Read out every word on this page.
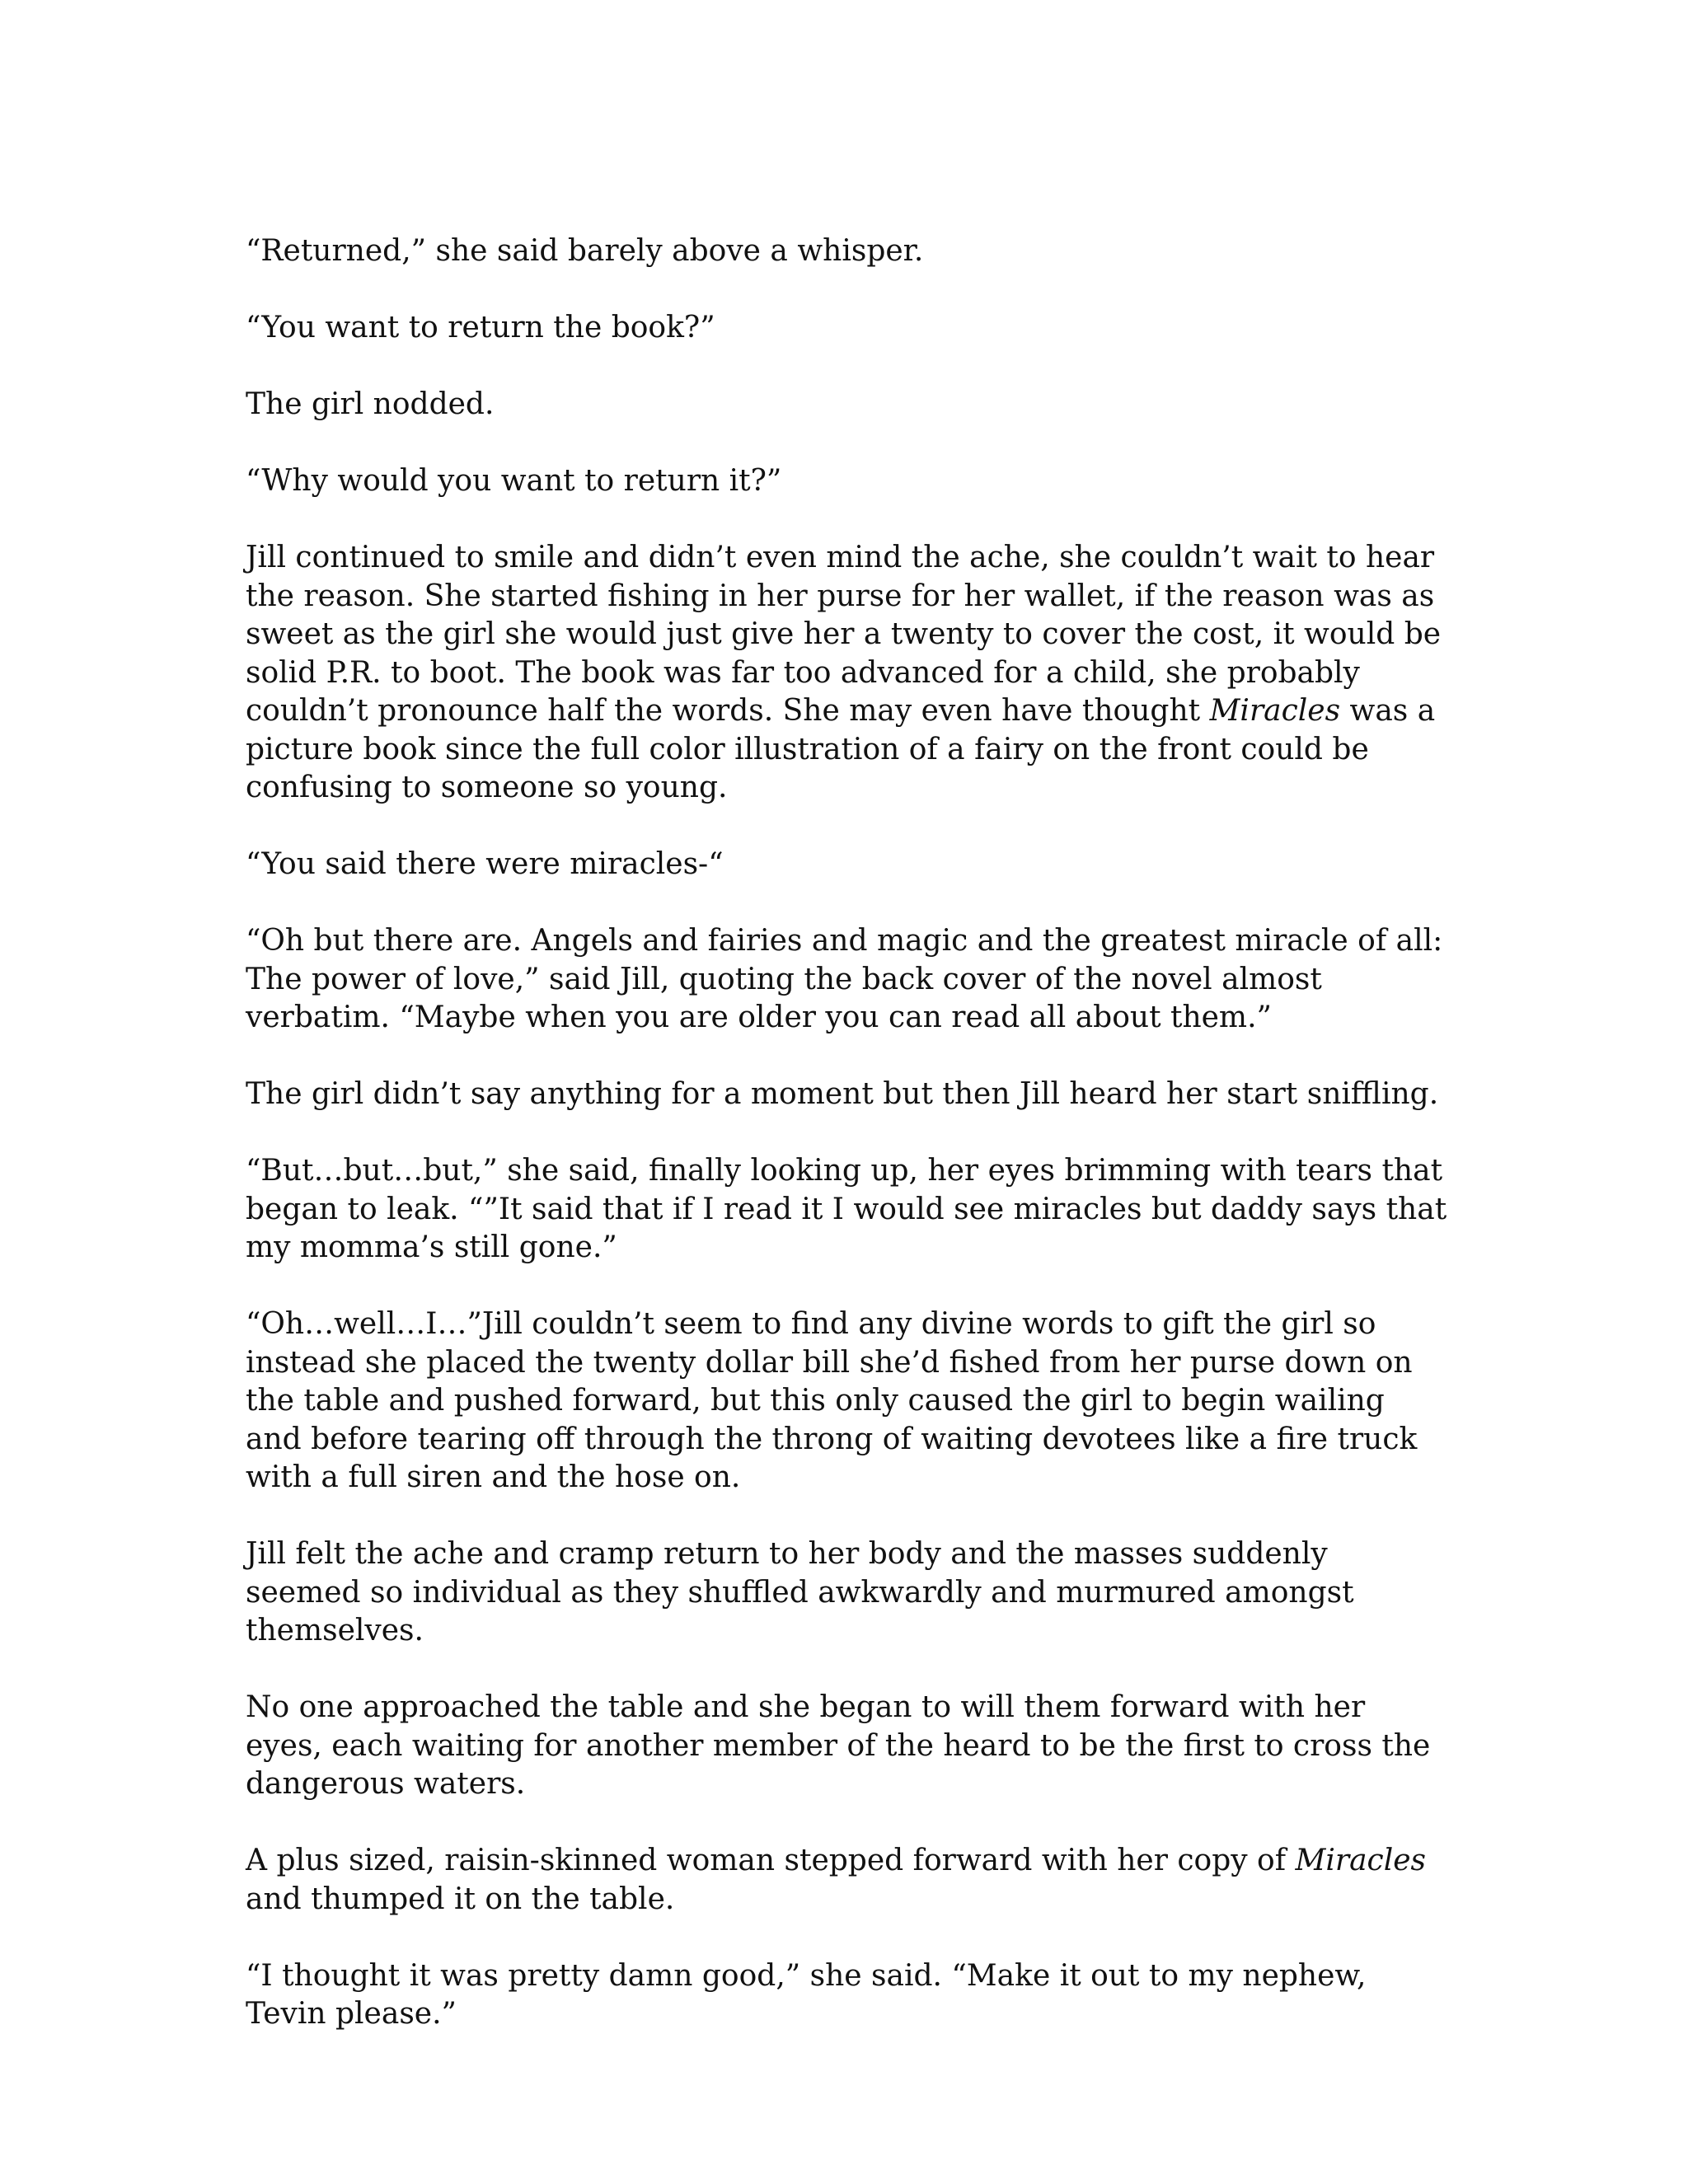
“Returned,” she said barely above a whisper.

“You want to return the book?”

The girl nodded.

“Why would you want to return it?”

Jill continued to smile and didn’t even mind the ache, she couldn’t wait to hear the reason. She started fishing in her purse for her wallet, if the reason was as sweet as the girl she would just give her a twenty to cover the cost, it would be solid P.R. to boot. The book was far too advanced for a child, she probably couldn’t pronounce half the words. She may even have thought Miracles was a picture book since the full color illustration of a fairy on the front could be confusing to someone so young.

“You said there were miracles-“

“Oh but there are. Angels and fairies and magic and the greatest miracle of all: The power of love,” said Jill, quoting the back cover of the novel almost verbatim. “Maybe when you are older you can read all about them.”

The girl didn’t say anything for a moment but then Jill heard her start sniffling.

“But…but…but,” she said, finally looking up, her eyes brimming with tears that began to leak. “”It said that if I read it I would see miracles but daddy says that my momma’s still gone.”

“Oh…well…I…”Jill couldn’t seem to find any divine words to gift the girl so instead she placed the twenty dollar bill she’d fished from her purse down on the table and pushed forward, but this only caused the girl to begin wailing and before tearing off through the throng of waiting devotees like a fire truck with a full siren and the hose on.

Jill felt the ache and cramp return to her body and the masses suddenly seemed so individual as they shuffled awkwardly and murmured amongst themselves.

No one approached the table and she began to will them forward with her eyes, each waiting for another member of the heard to be the first to cross the dangerous waters.

A plus sized, raisin-skinned woman stepped forward with her copy of Miracles and thumped it on the table.

“I thought it was pretty damn good,” she said. “Make it out to my nephew, Tevin please.”
